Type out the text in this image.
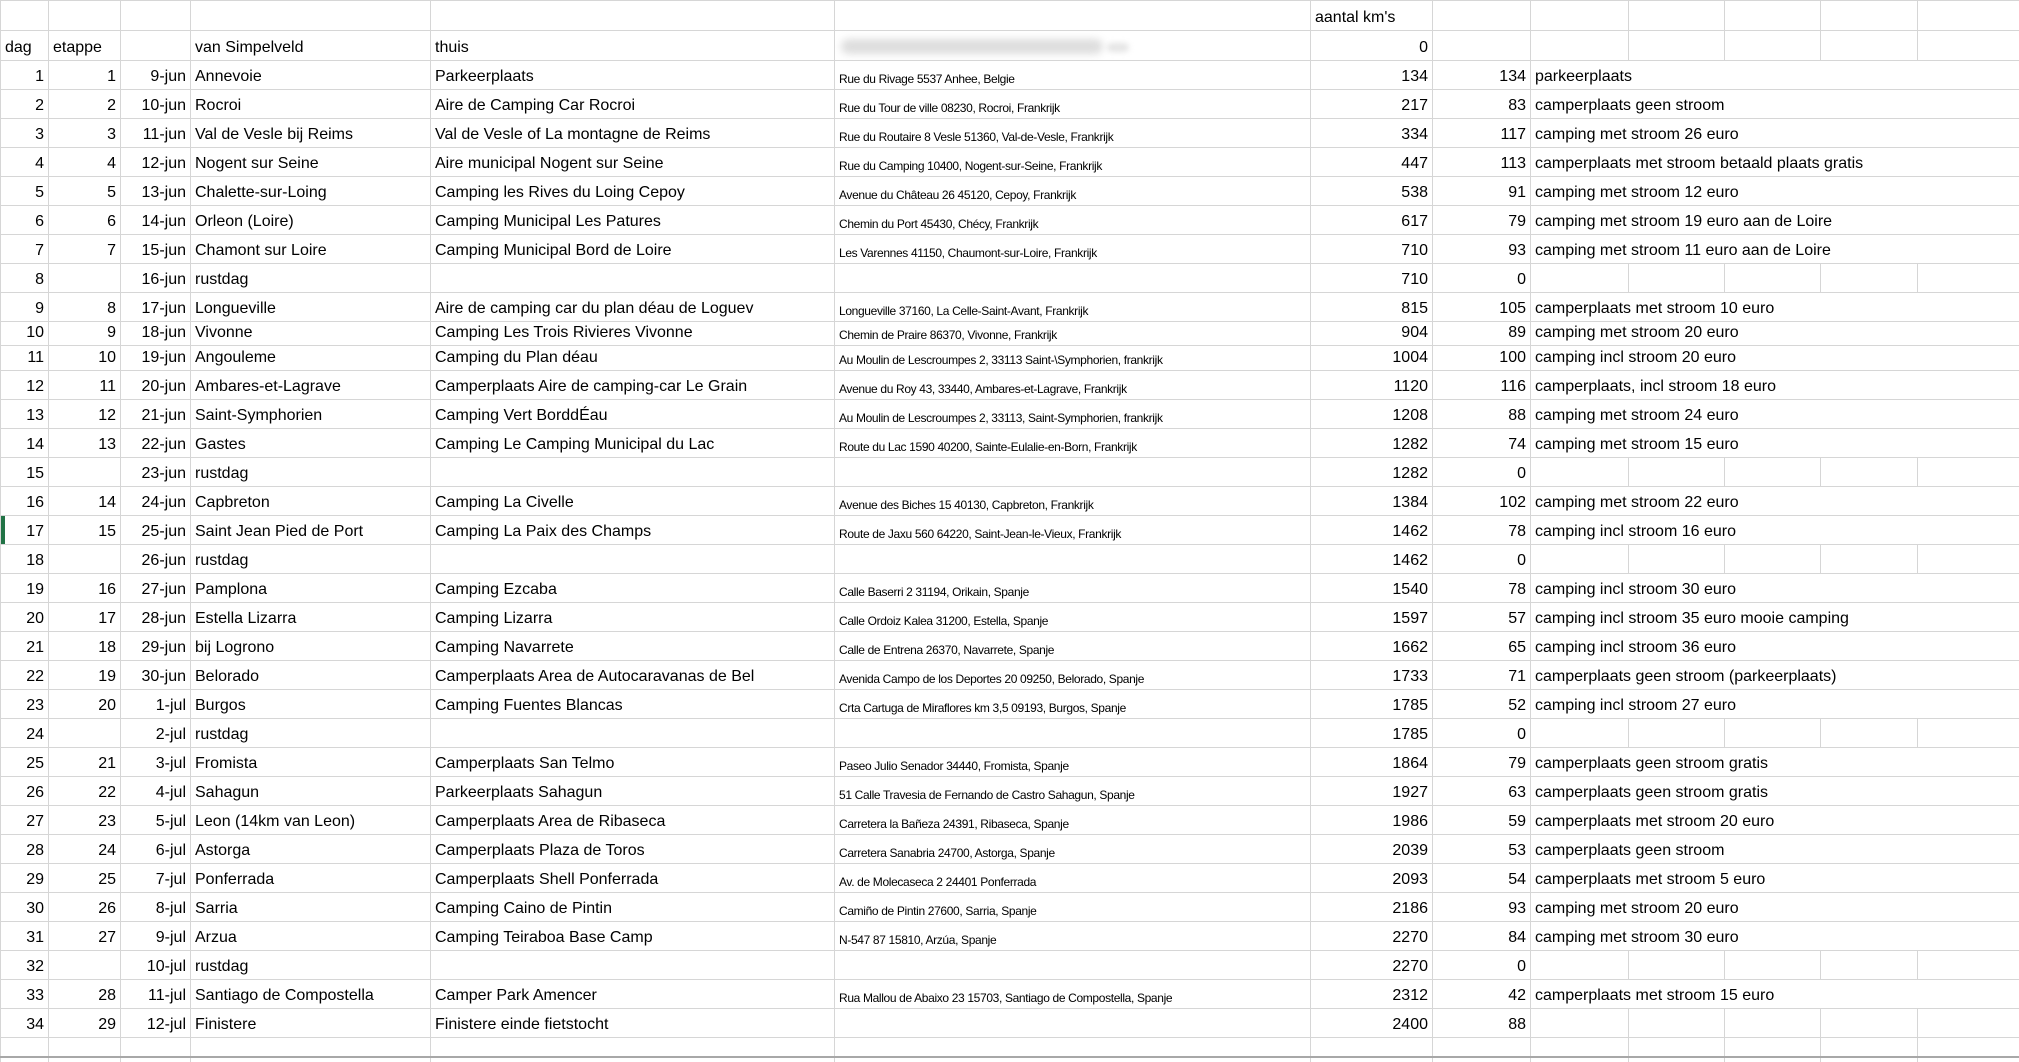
						aantal km's						
dag	etappe		van Simpelveld	thuis		0						
1	1	9-jun	Annevoie	Parkeerplaats	Rue du Rivage 5537 Anhee, Belgie	134	134	parkeerplaats				
2	2	10-jun	Rocroi	Aire de Camping Car Rocroi	Rue du Tour de ville 08230, Rocroi, Frankrijk	217	83	camperplaats geen stroom				
3	3	11-jun	Val de Vesle bij Reims	Val de Vesle of La montagne de Reims	Rue du Routaire 8 Vesle 51360, Val-de-Vesle, Frankrijk	334	117	camping met stroom 26 euro				
4	4	12-jun	Nogent sur Seine	Aire municipal Nogent sur Seine	Rue du Camping 10400, Nogent-sur-Seine, Frankrijk	447	113	camperplaats met stroom betaald plaats gratis				
5	5	13-jun	Chalette-sur-Loing	Camping les Rives du Loing Cepoy	Avenue du Château 26 45120, Cepoy, Frankrijk	538	91	camping met stroom 12 euro				
6	6	14-jun	Orleon (Loire)	Camping Municipal Les Patures	Chemin du Port 45430, Chécy, Frankrijk	617	79	camping met stroom 19 euro aan de Loire				
7	7	15-jun	Chamont sur Loire	Camping Municipal Bord de Loire	Les Varennes 41150, Chaumont-sur-Loire, Frankrijk	710	93	camping met stroom 11 euro aan de Loire				
8		16-jun	rustdag			710	0					
9	8	17-jun	Longueville	Aire de camping car du plan déau de Loguev	Longueville 37160, La Celle-Saint-Avant, Frankrijk	815	105	camperplaats met stroom 10 euro				
10	9	18-jun	Vivonne	Camping Les Trois Rivieres Vivonne	Chemin de Praire 86370, Vivonne, Frankrijk	904	89	camping met stroom 20 euro				
11	10	19-jun	Angouleme	Camping du Plan déau	Au Moulin de Lescroumpes 2, 33113 Saint-\Symphorien, frankrijk	1004	100	camping incl stroom 20 euro				
12	11	20-jun	Ambares-et-Lagrave	Camperplaats Aire de camping-car Le Grain	Avenue du Roy 43, 33440, Ambares-et-Lagrave, Frankrijk	1120	116	camperplaats, incl stroom 18 euro				
13	12	21-jun	Saint-Symphorien	Camping Vert BorddÉau	Au Moulin de Lescroumpes 2, 33113, Saint-Symphorien, frankrijk	1208	88	camping met stroom 24 euro				
14	13	22-jun	Gastes	Camping Le Camping Municipal du Lac	Route du Lac 1590 40200, Sainte-Eulalie-en-Born, Frankrijk	1282	74	camping met stroom 15 euro				
15		23-jun	rustdag			1282	0					
16	14	24-jun	Capbreton	Camping La Civelle	Avenue des Biches 15 40130, Capbreton, Frankrijk	1384	102	camping met stroom 22 euro				
17	15	25-jun	Saint Jean Pied de Port	Camping La Paix des Champs	Route de Jaxu 560 64220, Saint-Jean-le-Vieux, Frankrijk	1462	78	camping incl stroom 16 euro				
18		26-jun	rustdag			1462	0					
19	16	27-jun	Pamplona	Camping Ezcaba	Calle Baserri 2 31194, Orikain, Spanje	1540	78	camping incl stroom 30 euro				
20	17	28-jun	Estella Lizarra	Camping Lizarra	Calle Ordoiz Kalea 31200, Estella, Spanje	1597	57	camping incl stroom 35 euro mooie camping				
21	18	29-jun	bij Logrono	Camping Navarrete	Calle de Entrena 26370, Navarrete, Spanje	1662	65	camping incl stroom 36 euro				
22	19	30-jun	Belorado	Camperplaats Area de Autocaravanas de Bel	Avenida Campo de los Deportes 20 09250, Belorado, Spanje	1733	71	camperplaats geen stroom (parkeerplaats)				
23	20	1-jul	Burgos	Camping Fuentes Blancas	Crta Cartuga de Miraflores km 3,5 09193, Burgos, Spanje	1785	52	camping incl stroom 27 euro				
24		2-jul	rustdag			1785	0					
25	21	3-jul	Fromista	Camperplaats San Telmo	Paseo Julio Senador 34440, Fromista, Spanje	1864	79	camperplaats geen stroom gratis				
26	22	4-jul	Sahagun	Parkeerplaats Sahagun	51 Calle Travesia de Fernando de Castro Sahagun, Spanje	1927	63	camperplaats geen stroom gratis				
27	23	5-jul	Leon (14km van Leon)	Camperplaats Area de Ribaseca	Carretera la Bañeza 24391, Ribaseca, Spanje	1986	59	camperplaats met stroom 20 euro				
28	24	6-jul	Astorga	Camperplaats Plaza de Toros	Carretera Sanabria 24700, Astorga, Spanje	2039	53	camperplaats geen stroom				
29	25	7-jul	Ponferrada	Camperplaats Shell Ponferrada	Av. de Molecaseca 2 24401 Ponferrada	2093	54	camperplaats met stroom 5 euro				
30	26	8-jul	Sarria	Camping Caino de Pintin	Camiño de Pintin 27600, Sarria, Spanje	2186	93	camping met stroom 20 euro				
31	27	9-jul	Arzua	Camping Teiraboa Base Camp	N-547 87 15810, Arzúa, Spanje	2270	84	camping met stroom 30 euro				
32		10-jul	rustdag			2270	0					
33	28	11-jul	Santiago de Compostella	Camper Park Amencer	Rua Mallou de Abaixo 23 15703, Santiago de Compostella, Spanje	2312	42	camperplaats met stroom 15 euro				
34	29	12-jul	Finistere	Finistere einde fietstocht		2400	88					
